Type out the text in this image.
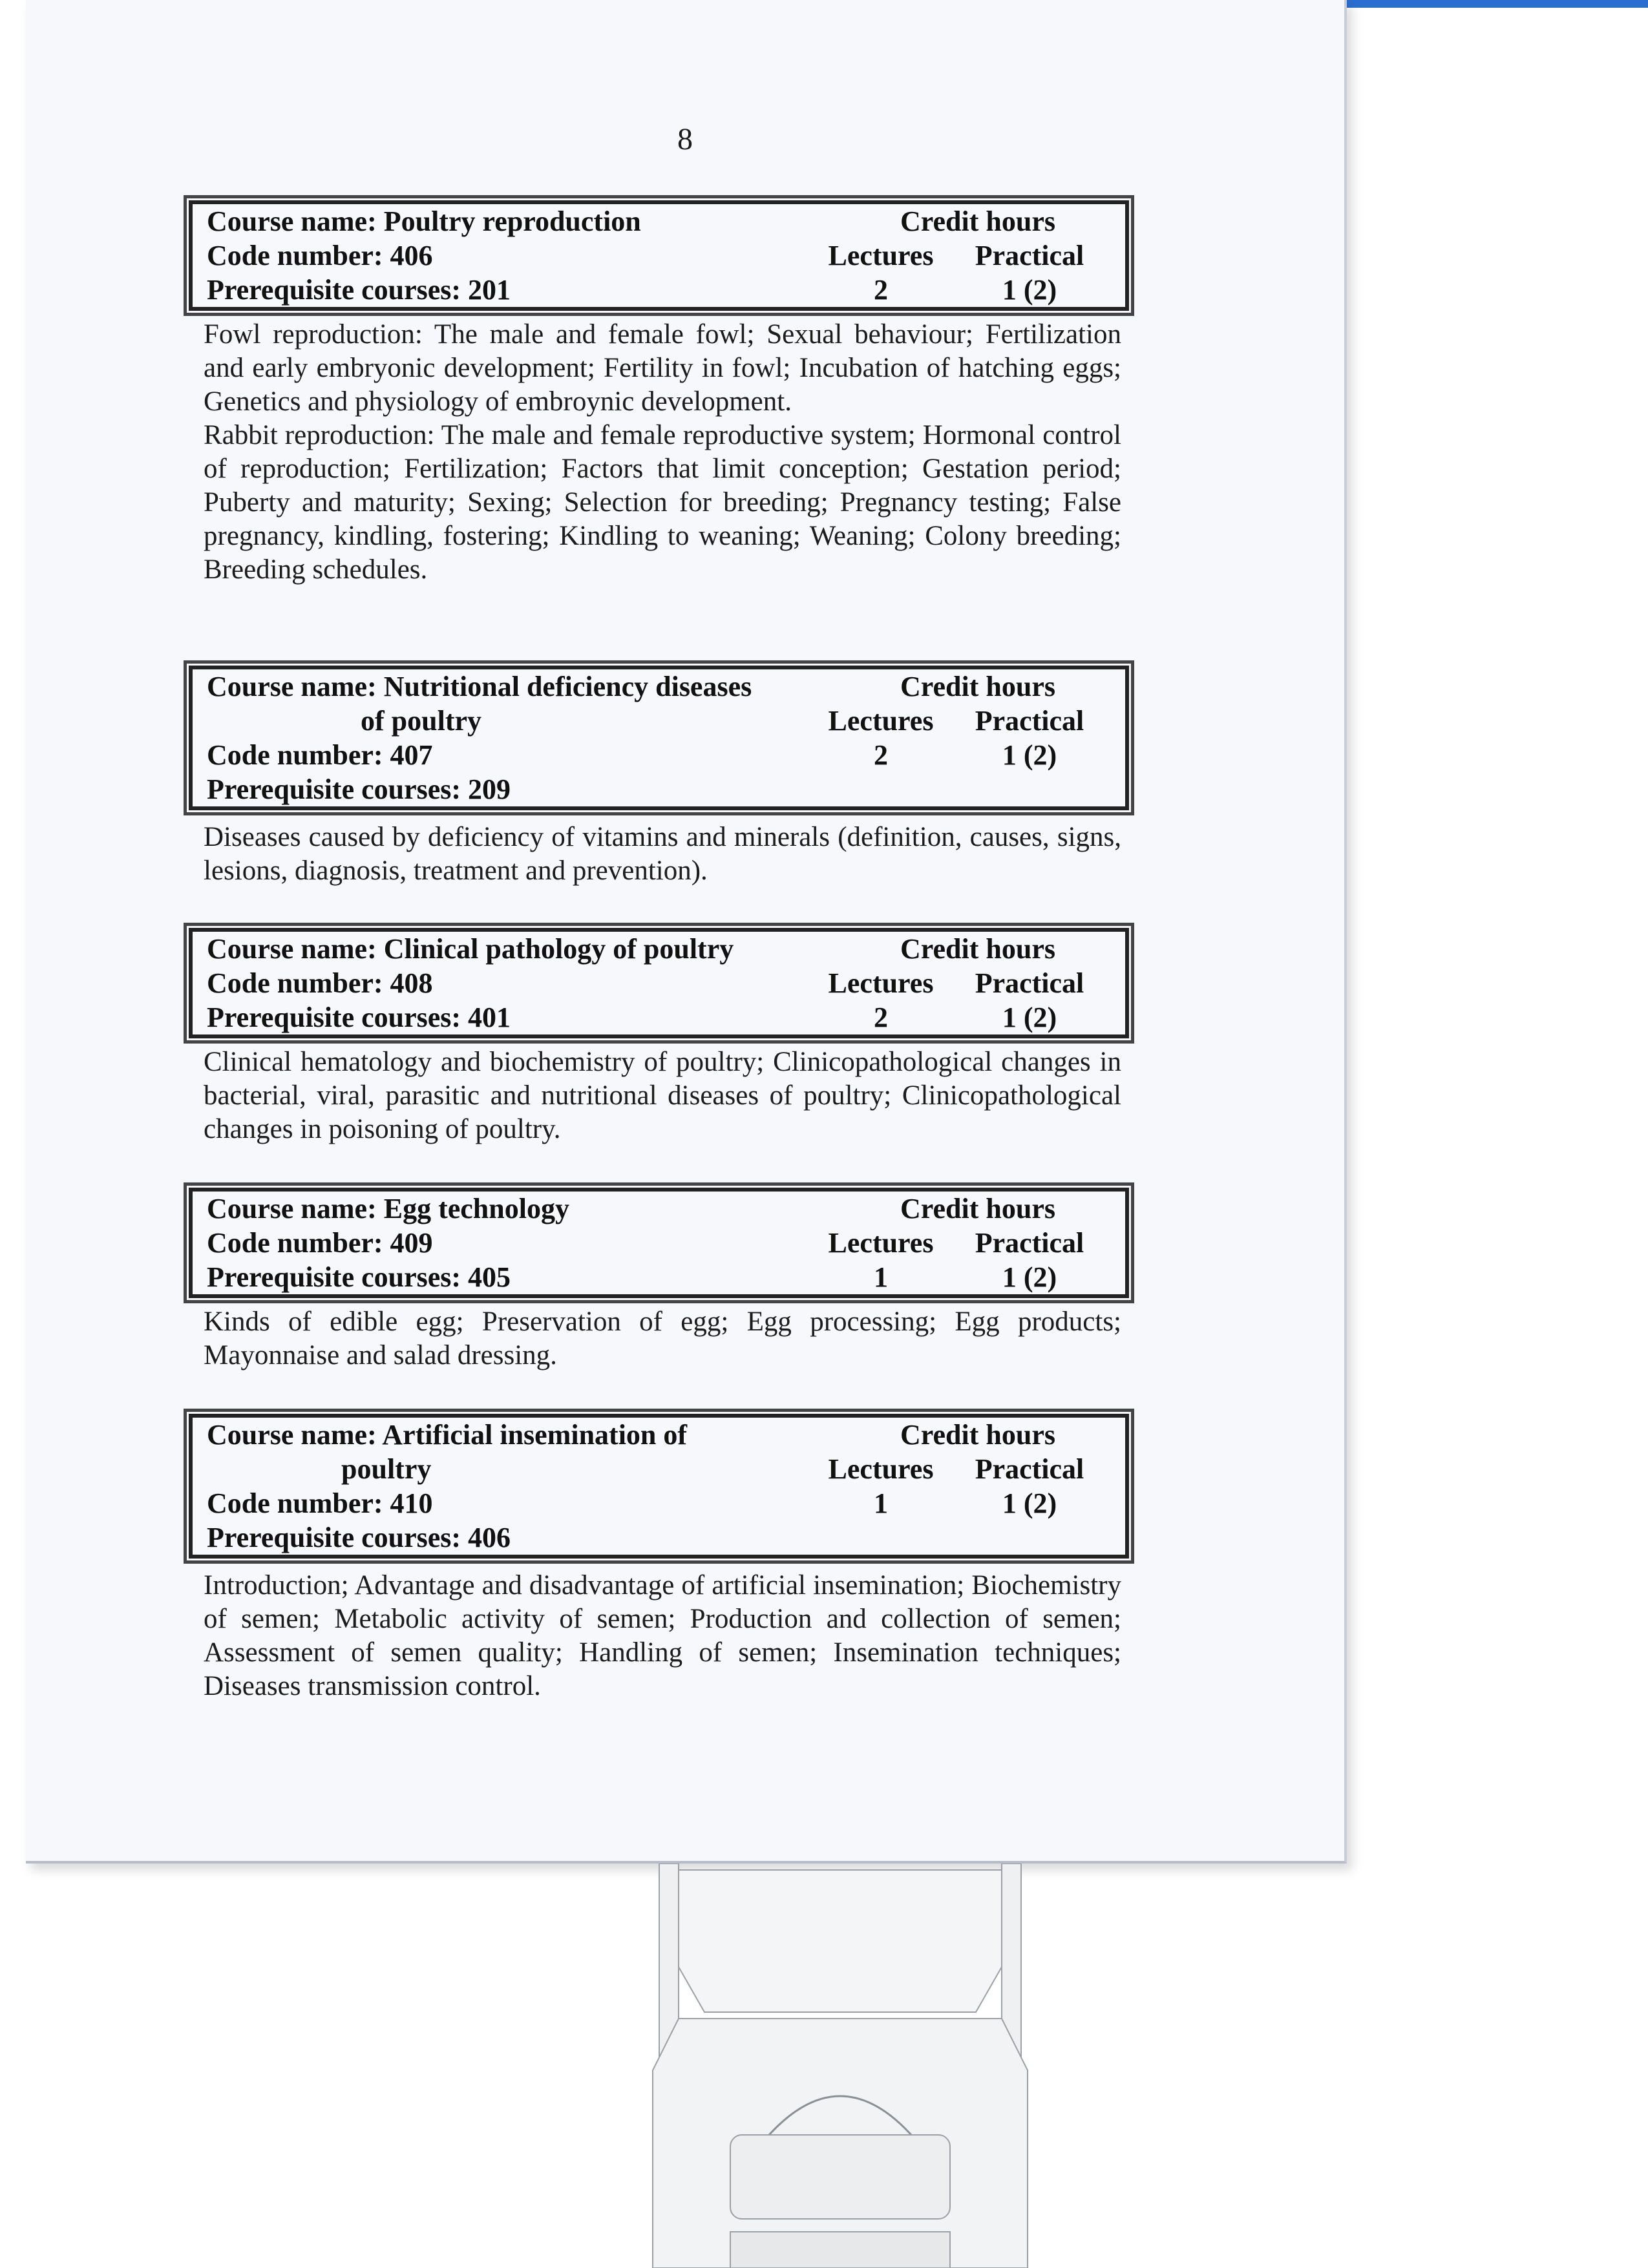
8
Course name: Poultry reproduction	Credit hours
Code number: 406	Lectures	Practical
Prerequisite courses: 201	2	1 (2)

Fowl reproduction: The male and female fowl; Sexual behaviour; Fertilization and early embryonic development; Fertility in fowl; Incubation of hatching eggs; Genetics and physiology of embroynic development.

Rabbit reproduction: The male and female reproductive system; Hormonal control of reproduction; Fertilization; Factors that limit conception; Gestation period; Puberty and maturity; Sexing; Selection for breeding; Pregnancy testing; False pregnancy, kindling, fostering; Kindling to weaning; Weaning; Colony breeding; Breeding schedules.

Course name: Nutritional deficiency diseases	Credit hours
of poultry	Lectures	Practical
Code number: 407	2	1 (2)
Prerequisite courses: 209

Diseases caused by deficiency of vitamins and minerals (definition, causes, signs, lesions, diagnosis, treatment and prevention).

Course name: Clinical pathology of poultry	Credit hours
Code number: 408	Lectures	Practical
Prerequisite courses: 401	2	1 (2)

Clinical hematology and biochemistry of poultry; Clinicopathological changes in bacterial, viral, parasitic and nutritional diseases of poultry; Clinicopathological changes in poisoning of poultry.

Course name: Egg technology	Credit hours
Code number: 409	Lectures	Practical
Prerequisite courses: 405	1	1 (2)

Kinds of edible egg; Preservation of egg; Egg processing; Egg products; Mayonnaise and salad dressing.

Course name: Artificial insemination of	Credit hours
poultry	Lectures	Practical
Code number: 410	1	1 (2)
Prerequisite courses: 406

Introduction; Advantage and disadvantage of artificial insemination; Biochemistry of semen; Metabolic activity of semen; Production and collection of semen; Assessment of semen quality; Handling of semen; Insemination techniques; Diseases transmission control.
